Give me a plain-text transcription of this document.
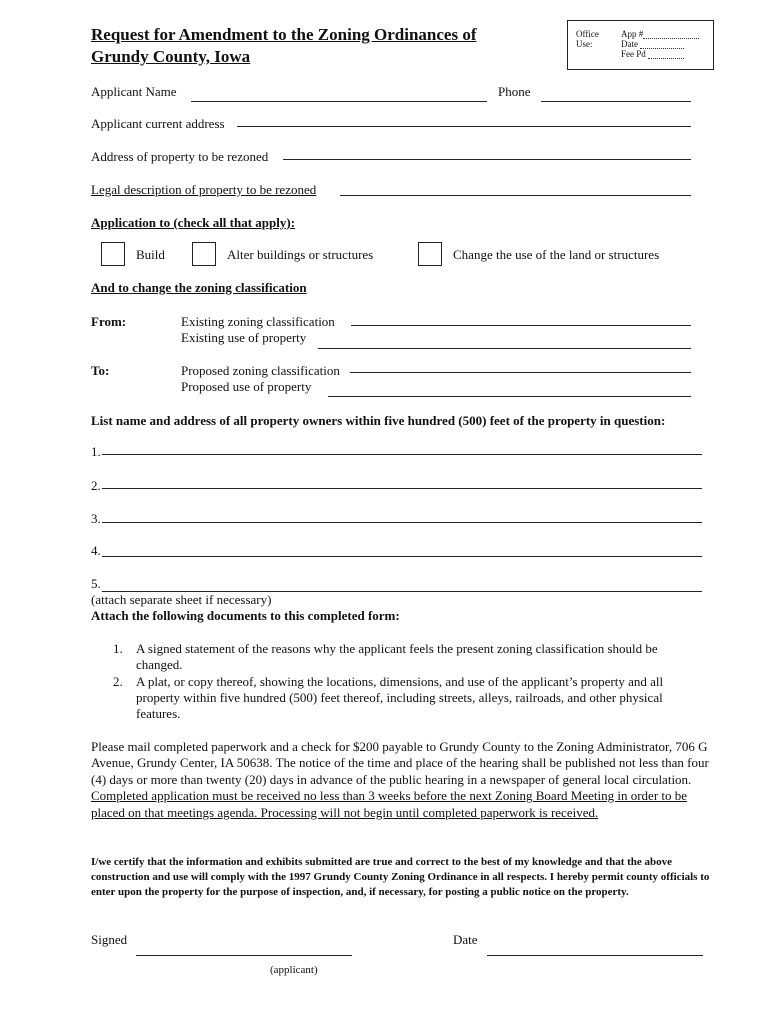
Request for Amendment to the Zoning Ordinances of
Grundy County, Iowa
Office
Use:
App #
Date
Fee Pd
Applicant Name	Phone
Applicant current address
Address of property to be rezoned
Legal description of property to be rezoned
Application to (check all that apply):
Build	Alter buildings or structures	Change the use of the land or structures
And to change the zoning classification
From:	Existing zoning classification
Existing use of property
To:	Proposed zoning classification
Proposed use of property
List name and address of all property owners within five hundred (500) feet of the property in question:
1.
2.
3.
4.
5.
(attach separate sheet if necessary)
Attach the following documents to this completed form:
1. A signed statement of the reasons why the applicant feels the present zoning classification should be
changed.
2. A plat, or copy thereof, showing the locations, dimensions, and use of the applicant’s property and all
property within five hundred (500) feet thereof, including streets, alleys, railroads, and other physical
features.
Please mail completed paperwork and a check for $200 payable to Grundy County to the Zoning Administrator, 706 G Avenue, Grundy Center, IA 50638. The notice of the time and place of the hearing shall be published not less than four (4) days or more than twenty (20) days in advance of the public hearing in a newspaper of general local circulation. Completed application must be received no less than 3 weeks before the next Zoning Board Meeting in order to be placed on that meetings agenda. Processing will not begin until completed paperwork is received.
I/we certify that the information and exhibits submitted are true and correct to the best of my knowledge and that the above construction and use will comply with the 1997 Grundy County Zoning Ordinance in all respects. I hereby permit county officials to enter upon the property for the purpose of inspection, and, if necessary, for posting a public notice on the property.
Signed	Date
(applicant)
